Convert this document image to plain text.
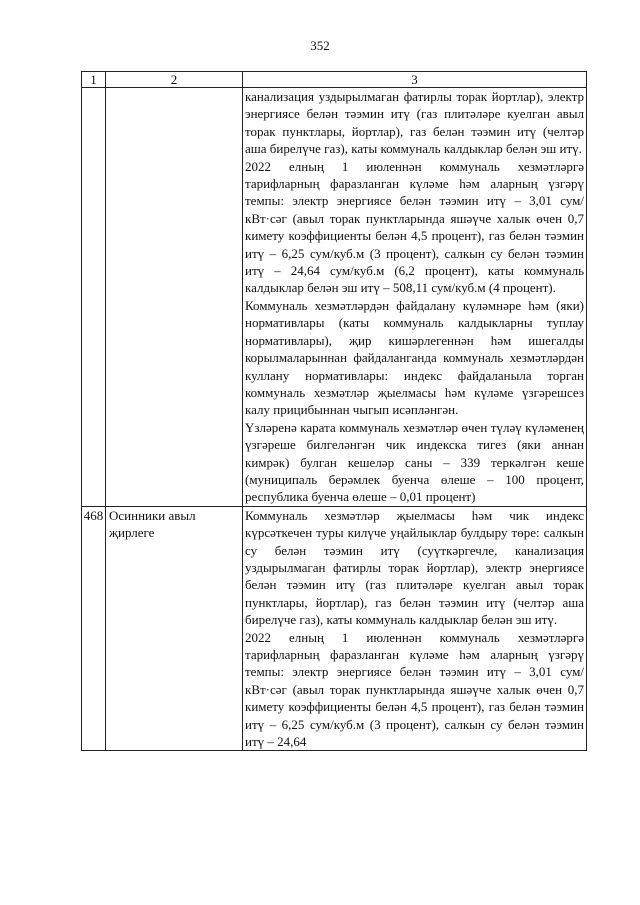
352
1	2	3

		канализация уздырылмаган фатирлы торак йортлар), электр энергиясе белән тәэмин итү (газ плитәләре куелган авыл торак пунктлары, йортлар), газ белән тәэмин итү (челтәр аша бирелүче газ), каты коммуналь калдыклар белән эш итү.

2022 елның 1 июленнән коммуналь хезмәтләргә тарифларның фаразланган күләме һәм аларның үзгәрү темпы: электр энергиясе белән тәэмин итү – 3,01 сум/кВт·сәг (авыл торак пунктларында яшәүче халык өчен 0,7 кимету коэффициенты белән 4,5 процент), газ белән тәэмин итү – 6,25 сум/куб.м (3 процент), салкын су белән тәэмин итү – 24,64 сум/куб.м (6,2 процент), каты коммуналь калдыклар белән эш итү – 508,11 сум/куб.м (4 процент).

Коммуналь хезмәтләрдән файдалану күләмнәре һәм (яки) нормативлары (каты коммуналь калдыкларны туплау нормативлары), җир кишәрлегеннән һәм ишегалды корылмаларыннан файдаланганда коммуналь хезмәтләрдән куллану нормативлары: индекс файдаланыла торган коммуналь хезмәтләр җыелмасы һәм күләме үзгәрешсез калу прицибыннан чыгып исәпләнгән.

Үзләренә карата коммуналь хезмәтләр өчен түләү күләменең үзгәреше билгеләнгән чик индекска тигез (яки аннан кимрәк) булган кешеләр саны – 339 теркәлгән кеше (муниципаль берәмлек буенча өлеше – 100 процент, республика буенча өлеше – 0,01 процент)

468	Осинники авыл җирлеге	Коммуналь хезмәтләр җыелмасы һәм чик индекс күрсәткечен туры килүче уңайлыклар булдыру төре: салкын су белән тәэмин итү (суүткәргечле, канализация уздырылмаган фатирлы торак йортлар), электр энергиясе белән тәэмин итү (газ плитәләре куелган авыл торак пунктлары, йортлар), газ белән тәэмин итү (челтәр аша бирелүче газ), каты коммуналь калдыклар белән эш итү.

2022 елның 1 июленнән коммуналь хезмәтләргә тарифларның фаразланган күләме һәм аларның үзгәрү темпы: электр энергиясе белән тәэмин итү – 3,01 сум/кВт·сәг (авыл торак пунктларында яшәүче халык өчен 0,7 кимету коэффициенты белән 4,5 процент), газ белән тәэмин итү – 6,25 сум/куб.м (3 процент), салкын су белән тәэмин итү – 24,64
